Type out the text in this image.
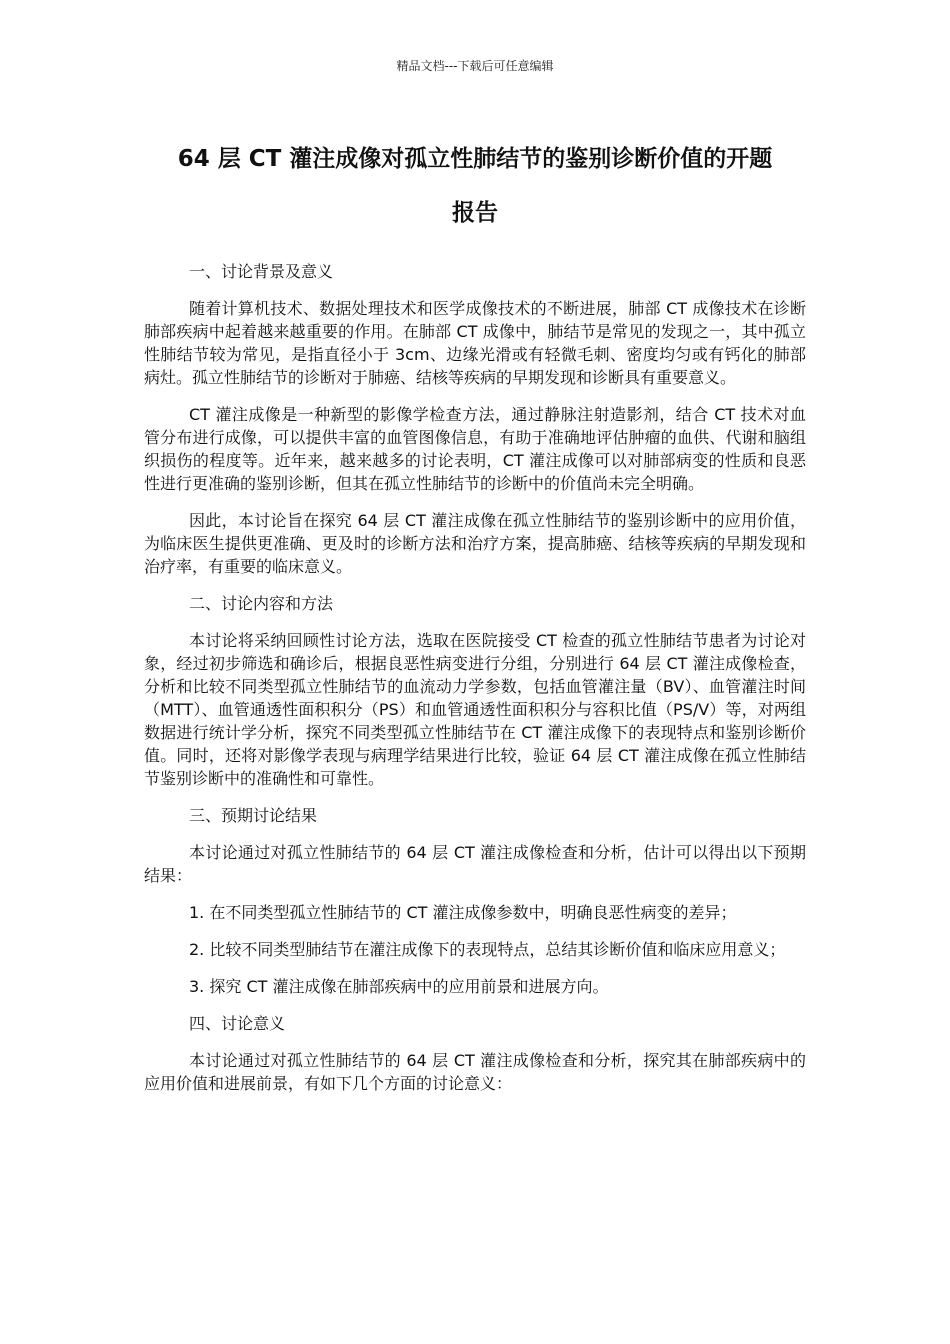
精品文档---下载后可任意编辑
64 层 CT 灌注成像对孤立性肺结节的鉴别诊断价值的开题
报告

一、讨论背景及意义

随着计算机技术、数据处理技术和医学成像技术的不断进展，肺部 CT 成像技术在诊断肺部疾病中起着越来越重要的作用。在肺部 CT 成像中，肺结节是常见的发现之一，其中孤立性肺结节较为常见，是指直径小于 3cm、边缘光滑或有轻微毛刺、密度均匀或有钙化的肺部病灶。孤立性肺结节的诊断对于肺癌、结核等疾病的早期发现和诊断具有重要意义。

CT 灌注成像是一种新型的影像学检查方法，通过静脉注射造影剂，结合 CT 技术对血管分布进行成像，可以提供丰富的血管图像信息，有助于准确地评估肿瘤的血供、代谢和脑组织损伤的程度等。近年来，越来越多的讨论表明，CT 灌注成像可以对肺部病变的性质和良恶性进行更准确的鉴别诊断，但其在孤立性肺结节的诊断中的价值尚未完全明确。

因此，本讨论旨在探究 64 层 CT 灌注成像在孤立性肺结节的鉴别诊断中的应用价值，为临床医生提供更准确、更及时的诊断方法和治疗方案，提高肺癌、结核等疾病的早期发现和治疗率，有重要的临床意义。

二、讨论内容和方法

本讨论将采纳回顾性讨论方法，选取在医院接受 CT 检查的孤立性肺结节患者为讨论对象，经过初步筛选和确诊后，根据良恶性病变进行分组，分别进行 64 层 CT 灌注成像检查，分析和比较不同类型孤立性肺结节的血流动力学参数，包括血管灌注量（BV）、血管灌注时间（MTT）、血管通透性面积积分（PS）和血管通透性面积积分与容积比值（PS/V）等，对两组数据进行统计学分析，探究不同类型孤立性肺结节在 CT 灌注成像下的表现特点和鉴别诊断价值。同时，还将对影像学表现与病理学结果进行比较，验证 64 层 CT 灌注成像在孤立性肺结节鉴别诊断中的准确性和可靠性。

三、预期讨论结果

本讨论通过对孤立性肺结节的 64 层 CT 灌注成像检查和分析，估计可以得出以下预期结果：

1. 在不同类型孤立性肺结节的 CT 灌注成像参数中，明确良恶性病变的差异；

2. 比较不同类型肺结节在灌注成像下的表现特点，总结其诊断价值和临床应用意义；

3. 探究 CT 灌注成像在肺部疾病中的应用前景和进展方向。

四、讨论意义

本讨论通过对孤立性肺结节的 64 层 CT 灌注成像检查和分析，探究其在肺部疾病中的应用价值和进展前景，有如下几个方面的讨论意义：
